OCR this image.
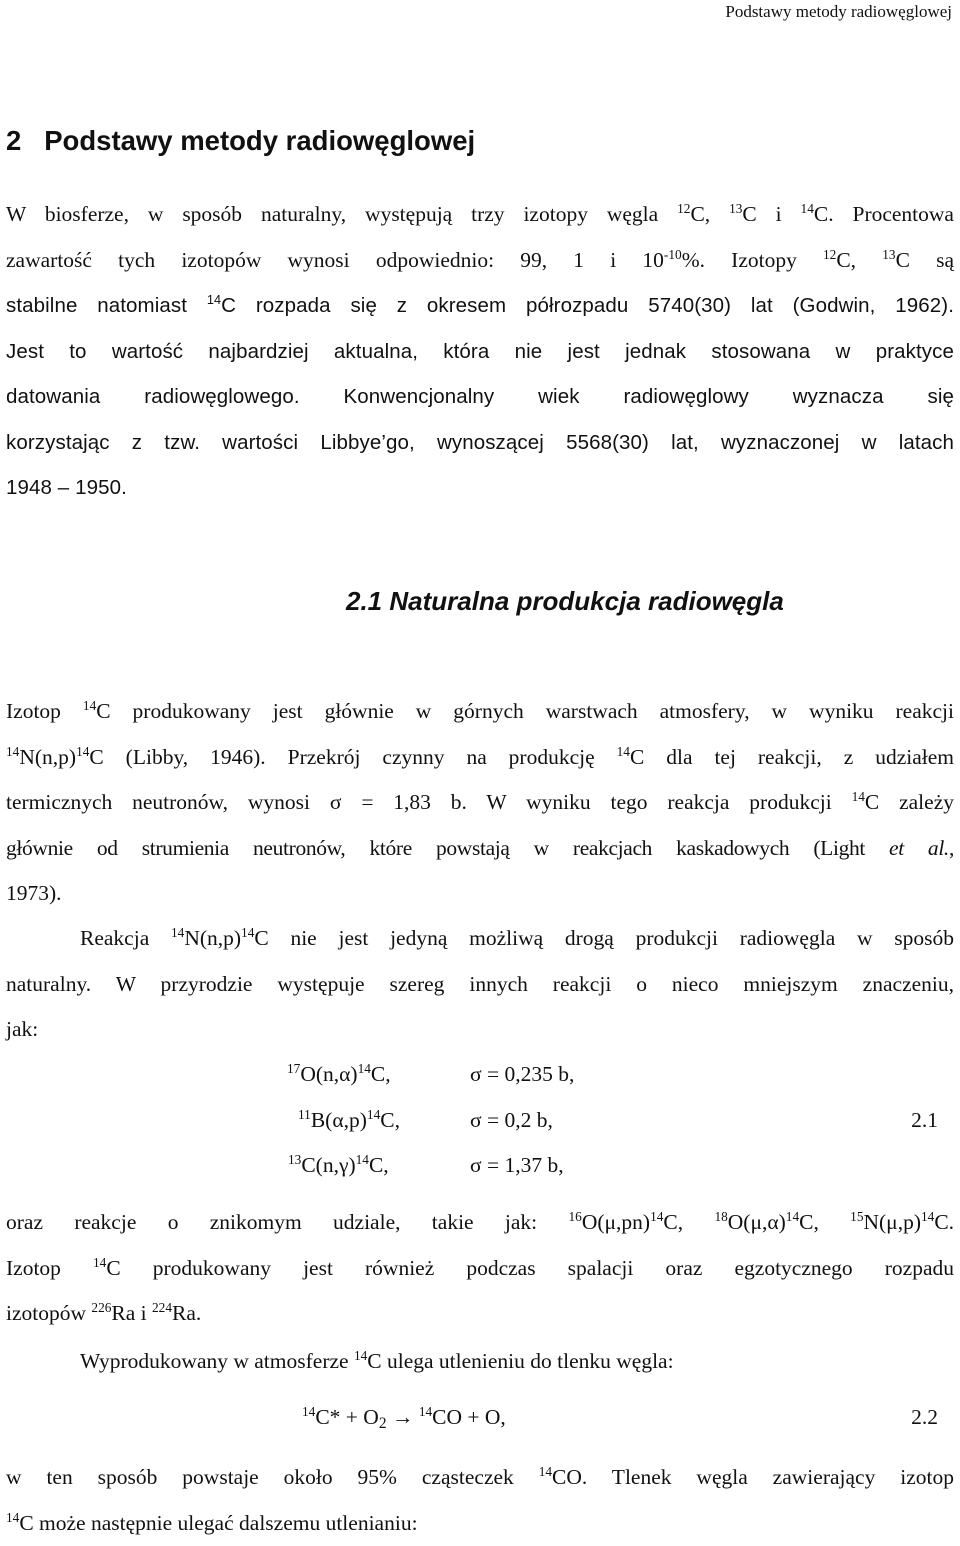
Podstawy metody radiowęglowej
2 Podstawy metody radiowęglowej
W biosferze, w sposób naturalny, występują trzy izotopy węgla $^{12}$C, $^{13}$C i $^{14}$C. Procentowa
zawartość tych izotopów wynosi odpowiednio: 99, 1 i $10^{-10}\%$. Izotopy $^{12}$C, $^{13}$C są
stabilne natomiast $^{14}$C rozpada się z okresem półrozpadu 5740(30) lat (Godwin, 1962).
Jest to wartość najbardziej aktualna, która nie jest jednak stosowana w praktyce
datowania radiowęglowego. Konwencjonalny wiek radiowęglowy wyznacza się
korzystając z tzw. wartości Libbye’go, wynoszącej 5568(30) lat, wyznaczonej w latach
1948 – 1950.
2.1 Naturalna produkcja radiowęgla
Izotop $^{14}$C produkowany jest głównie w górnych warstwach atmosfery, w wyniku reakcji
$^{14}N(n,p)^{14}C$ (Libby, 1946). Przekrój czynny na produkcję $^{14}$C dla tej reakcji, z udziałem
termicznych neutronów, wynosi σ = 1,83 b. W wyniku tego reakcja produkcji $^{14}$C zależy
głównie od strumienia neutronów, które powstają w reakcjach kaskadowych (Light et al.,
1973).
Reakcja $^{14}N(n,p)^{14}C$ nie jest jedyną możliwą drogą produkcji radiowęgla w sposób
naturalny. W przyrodzie występuje szereg innych reakcji o nieco mniejszym znaczeniu,
jak:
$^{17}O(n,\alpha)^{14}C$,	σ = 0,235 b,
$^{11}B(\alpha,p)^{14}C$,	σ = 0,2 b,	2.1
$^{13}C(n,\gamma)^{14}C$,	σ = 1,37 b,
oraz reakcje o znikomym udziale, takie jak: $^{16}O(\mu,pn)^{14}C$, $^{18}O(\mu,\alpha)^{14}C$, $^{15}N(\mu,p)^{14}C$.
Izotop $^{14}$C produkowany jest również podczas spalacji oraz egzotycznego rozpadu
izotopów $^{226}$Ra i $^{224}$Ra.
Wyprodukowany w atmosferze $^{14}$C ulega utlenieniu do tlenku węgla:
$^{14}C* + O_2 \to ^{14}CO + O$,	2.2
w ten sposób powstaje około 95% cząsteczek $^{14}$CO. Tlenek węgla zawierający izotop
$^{14}$C może następnie ulegać dalszemu utlenianiu:
